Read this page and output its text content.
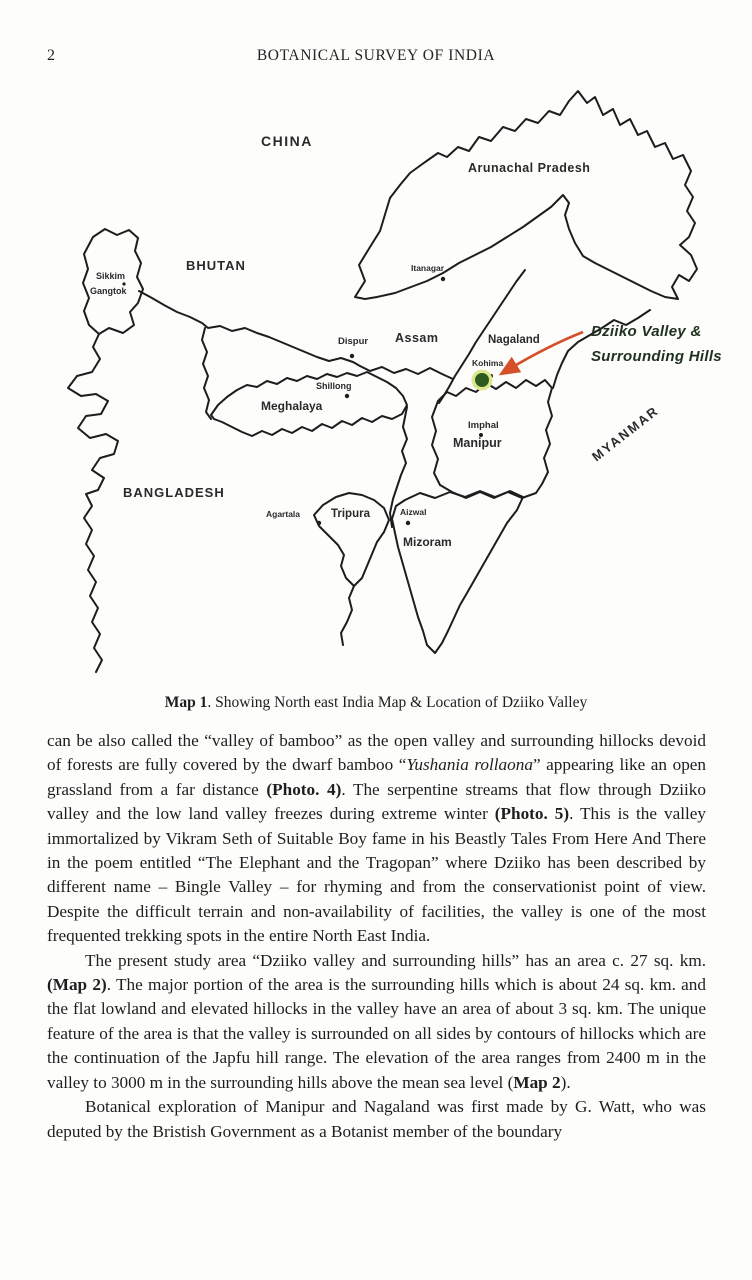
2	BOTANICAL SURVEY OF INDIA
CHINA
BHUTAN
Sikkim
Gangtok
Arunachal Pradesh
Itanagar
Dispur Assam	Nagaland
Kohima
Shillong
Meghalaya
Imphal
Manipur	MYANMAR
BANGLADESH
Agartala	Tripura	Aizwal
Mizoram
Dziiko Valley &
Surrounding Hills
Map 1. Showing North east India Map & Location of Dziiko Valley

can be also called the “valley of bamboo” as the open valley and surrounding hillocks devoid of forests are fully covered by the dwarf bamboo “Yushania rollaona” appearing like an open grassland from a far distance (Photo. 4). The serpentine streams that flow through Dziiko valley and the low land valley freezes during extreme winter (Photo. 5). This is the valley immortalized by Vikram Seth of Suitable Boy fame in his Beastly Tales From Here And There in the poem entitled “The Elephant and the Tragopan” where Dziiko has been described by different name – Bingle Valley – for rhyming and from the conservationist point of view. Despite the difficult terrain and non-availability of facilities, the valley is one of the most frequented trekking spots in the entire North East India.

The present study area “Dziiko valley and surrounding hills” has an area c. 27 sq. km. (Map 2). The major portion of the area is the surrounding hills which is about 24 sq. km. and the flat lowland and elevated hillocks in the valley have an area of about 3 sq. km. The unique feature of the area is that the valley is surrounded on all sides by contours of hillocks which are the continuation of the Japfu hill range. The elevation of the area ranges from 2400 m in the valley to 3000 m in the surrounding hills above the mean sea level (Map 2).

Botanical exploration of Manipur and Nagaland was first made by G. Watt, who was deputed by the Bristish Government as a Botanist member of the boundary
